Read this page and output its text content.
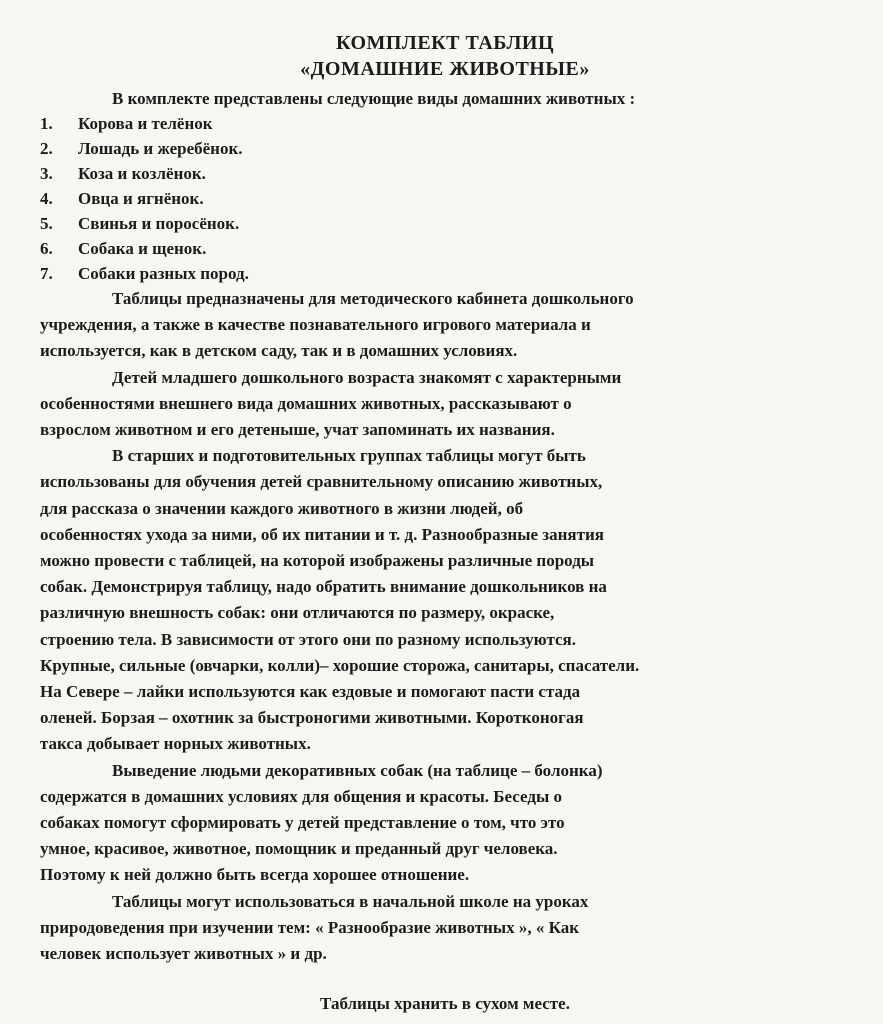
КОМПЛЕКТ ТАБЛИЦ
«ДОМАШНИЕ ЖИВОТНЫЕ»

В комплекте представлены следующие виды домашних животных :

1.	Корова и телёнок
2.	Лошадь и жеребёнок.
3.	Коза и козлёнок.
4.	Овца и ягнёнок.
5.	Свинья и поросёнок.
6.	Собака и щенок.
7.	Собаки разных пород.
Таблицы предназначены для методического кабинета дошкольного
учреждения, а также в качестве познавательного игрового материала и
используется, как в детском саду, так и в домашних условиях.
Детей младшего дошкольного возраста знакомят с характерными
особенностями внешнего вида домашних животных, рассказывают о
взрослом животном и его детеныше, учат запоминать их названия.
В старших и подготовительных группах таблицы могут быть
использованы для обучения детей сравнительному описанию животных,
для рассказа о значении каждого животного в жизни людей, об
особенностях ухода за ними, об их питании и т. д. Разнообразные занятия
можно провести с таблицей, на которой изображены различные породы
собак. Демонстрируя таблицу, надо обратить внимание дошкольников на
различную внешность собак: они отличаются по размеру, окраске,
строению тела. В зависимости от этого они по разному используются.
Крупные, сильные (овчарки, колли)– хорошие сторожа, санитары, спасатели.
На Севере – лайки используются как ездовые и помогают пасти стада
оленей. Борзая – охотник за быстроногими животными. Коротконогая
такса добывает норных животных.
Выведение людьми декоративных собак (на таблице – болонка)
содержатся в домашних условиях для общения и красоты. Беседы о
собаках помогут сформировать у детей представление о том, что это
умное, красивое, животное, помощник и преданный друг человека.
Поэтому к ней должно быть всегда хорошее отношение.
Таблицы могут использоваться в начальной школе на уроках
природоведения при изучении тем: « Разнообразие животных », « Как
человек использует животных » и др.

Таблицы хранить в сухом месте.
